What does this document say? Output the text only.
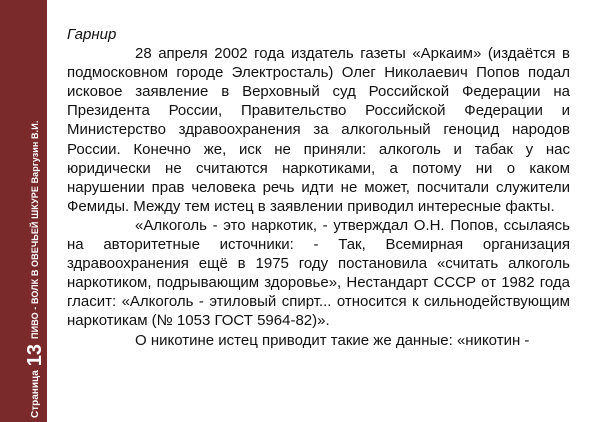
Страница
13
ПИВО - ВОЛК В ОВЕЧЬЕЙ ШКУРЕ Варгузин В.И.

Гарнир

28 апреля 2002 года издатель газеты «Аркаим» (издаётся в подмосковном городе Электросталь) Олег Николаевич Попов подал исковое заявление в Верховный суд Российской Федерации на Президента России, Правительство Российской Федерации и Министерство здравоохранения за алкогольный геноцид народов России. Конечно же, иск не приняли: алкоголь и табак у нас юридически не считаются наркотиками, а потому ни о каком нарушении прав человека речь идти не может, посчитали служители Фемиды. Между тем истец в заявлении приводил интересные факты.

«Алкоголь - это наркотик, - утверждал О.Н. Попов, ссылаясь на авторитетные источники: - Так, Всемирная организация здравоохранения ещё в 1975 году постановила «считать алкоголь наркотиком, подрывающим здоровье», Нестандарт СССР от 1982 года гласит: «Алкоголь - этиловый спирт... относится к сильнодействующим наркотикам (№ 1053 ГОСТ 5964-82)».

О никотине истец приводит такие же данные: «никотин -
